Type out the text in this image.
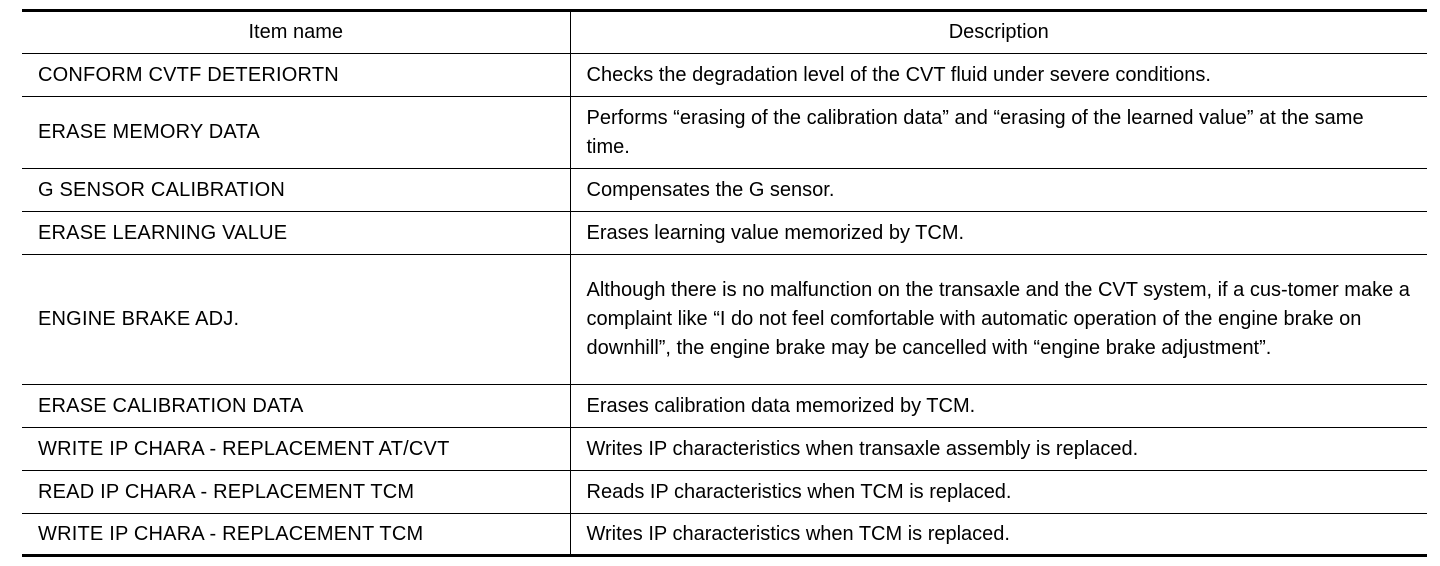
Item name	Description
CONFORM CVTF DETERIORTN	Checks the degradation level of the CVT fluid under severe conditions.
ERASE MEMORY DATA	Performs “erasing of the calibration data” and “erasing of the learned value” at the same time.
G SENSOR CALIBRATION	Compensates the G sensor.
ERASE LEARNING VALUE	Erases learning value memorized by TCM.
ENGINE BRAKE ADJ.	Although there is no malfunction on the transaxle and the CVT system, if a cus-tomer make a complaint like “I do not feel comfortable with automatic operation of the engine brake on downhill”, the engine brake may be cancelled with “engine brake adjustment”.
ERASE CALIBRATION DATA	Erases calibration data memorized by TCM.
WRITE IP CHARA - REPLACEMENT AT/CVT	Writes IP characteristics when transaxle assembly is replaced.
READ IP CHARA - REPLACEMENT TCM	Reads IP characteristics when TCM is replaced.
WRITE IP CHARA - REPLACEMENT TCM	Writes IP characteristics when TCM is replaced.
